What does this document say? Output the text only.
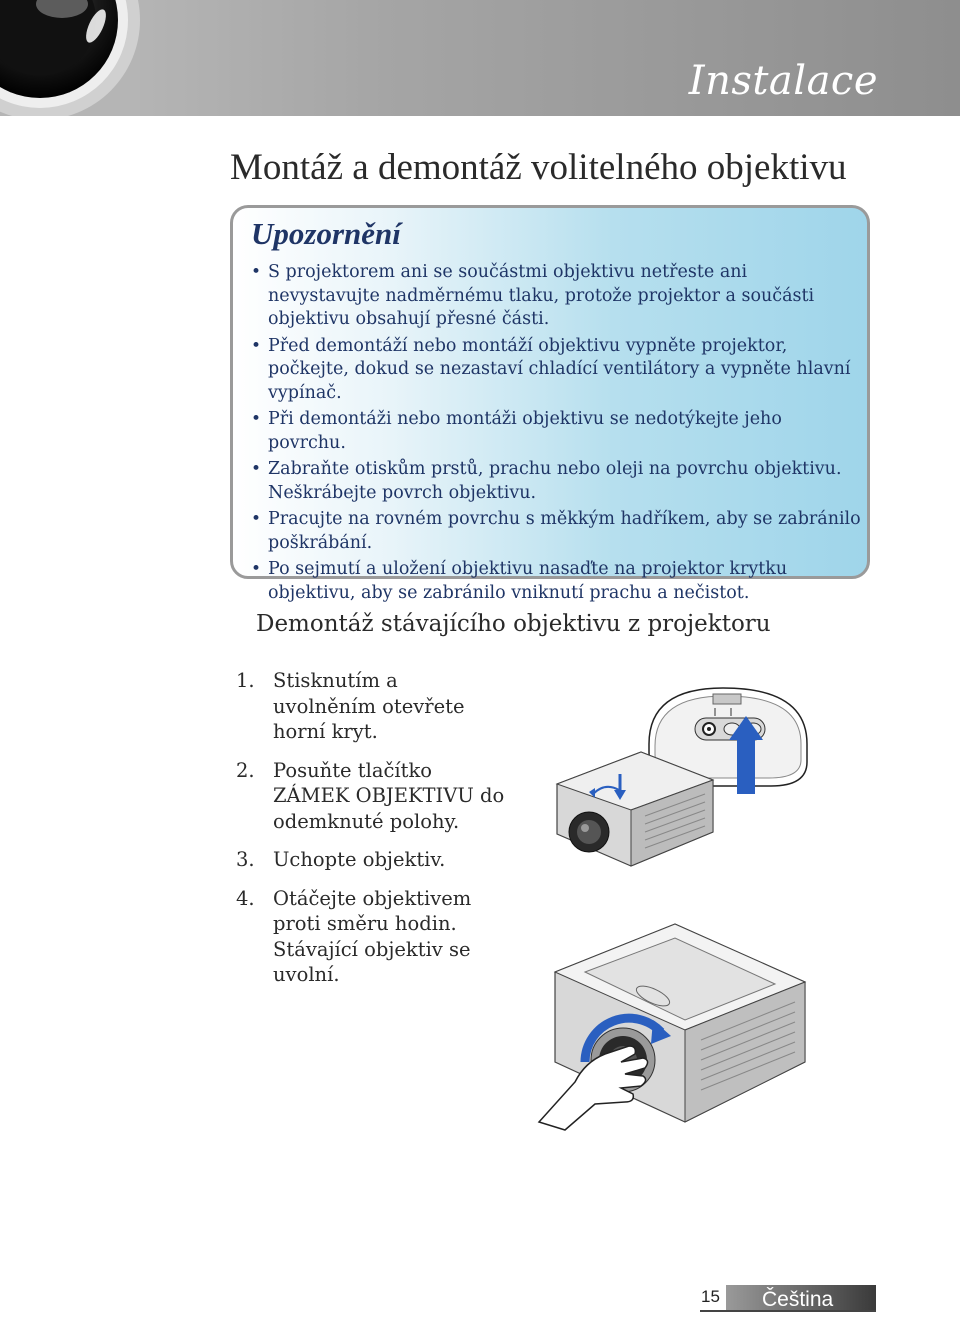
Instalace
Montáž a demontáž volitelného objektivu
Upozornění
• S projektorem ani se součástmi objektivu netřeste ani nevystavujte nadměrnému tlaku, protože projektor a součásti objektivu obsahují přesné části.
• Před demontáží nebo montáží objektivu vypněte projektor, počkejte, dokud se nezastaví chladící ventilátory a vypněte hlavní vypínač.
• Při demontáži nebo montáži objektivu se nedotýkejte jeho povrchu.
• Zabraňte otiskům prstů, prachu nebo oleji na povrchu objektivu. Neškrábejte povrch objektivu.
• Pracujte na rovném povrchu s měkkým hadříkem, aby se zabránilo poškrábání.
• Po sejmutí a uložení objektivu nasaďte na projektor krytku objektivu, aby se zabránilo vniknutí prachu a nečistot.
Demontáž stávajícího objektivu z projektoru
1. Stisknutím a uvolněním otevřete horní kryt.
2. Posuňte tlačítko ZÁMEK OBJEKTIVU do odemknuté polohy.
3. Uchopte objektiv.
4. Otáčejte objektivem proti směru hodin. Stávající objektiv se uvolní.
15	Čeština
